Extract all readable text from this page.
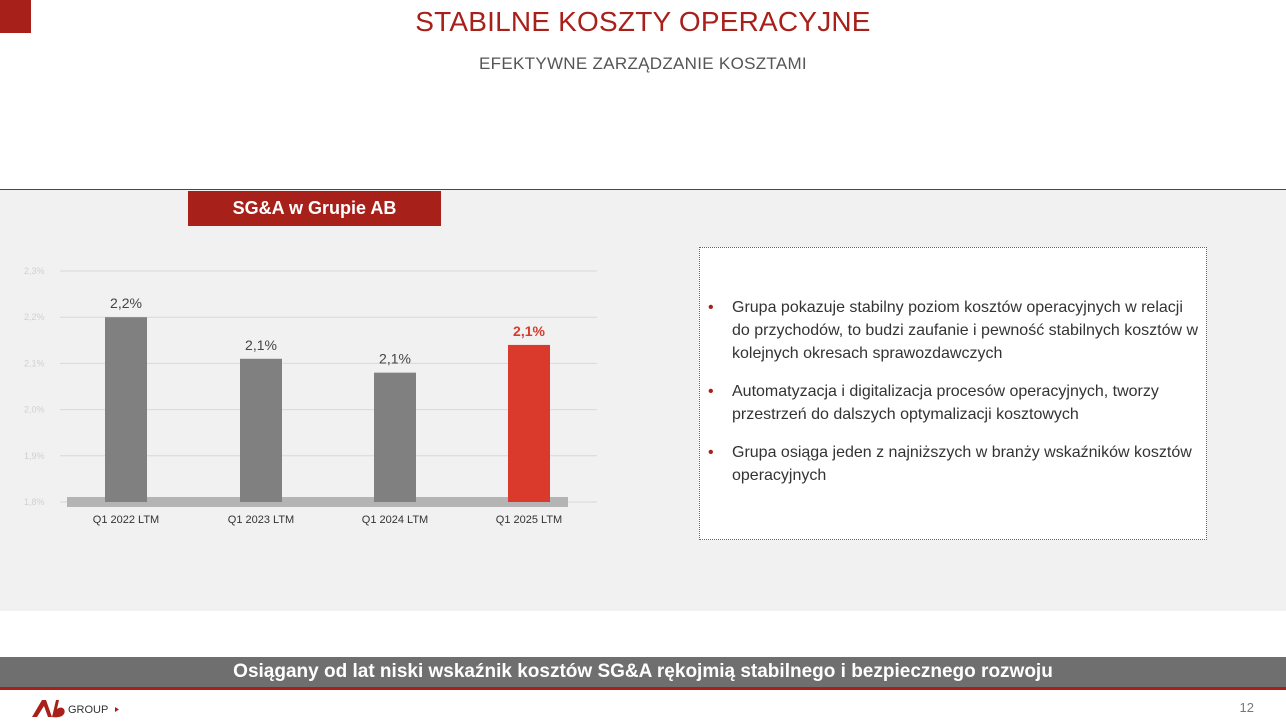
STABILNE KOSZTY OPERACYJNE
EFEKTYWNE ZARZĄDZANIE KOSZTAMI
SG&A w Grupie AB
1,8%
1,9%
2,0%
2,1%
2,2%
2,3%
2,2%
Q1 2022 LTM
2,1%
Q1 2023 LTM
2,1%
Q1 2024 LTM
2,1%
Q1 2025 LTM
• Grupa pokazuje stabilny poziom kosztów operacyjnych w relacji do przychodów, to budzi zaufanie i pewność stabilnych kosztów w kolejnych okresach sprawozdawczych
• Automatyzacja i digitalizacja procesów operacyjnych, tworzy przestrzeń do dalszych optymalizacji kosztowych
• Grupa osiąga jeden z najniższych w branży wskaźników kosztów operacyjnych
Osiągany od lat niski wskaźnik kosztów SG&A rękojmią stabilnego i bezpiecznego rozwoju
GROUP	12
